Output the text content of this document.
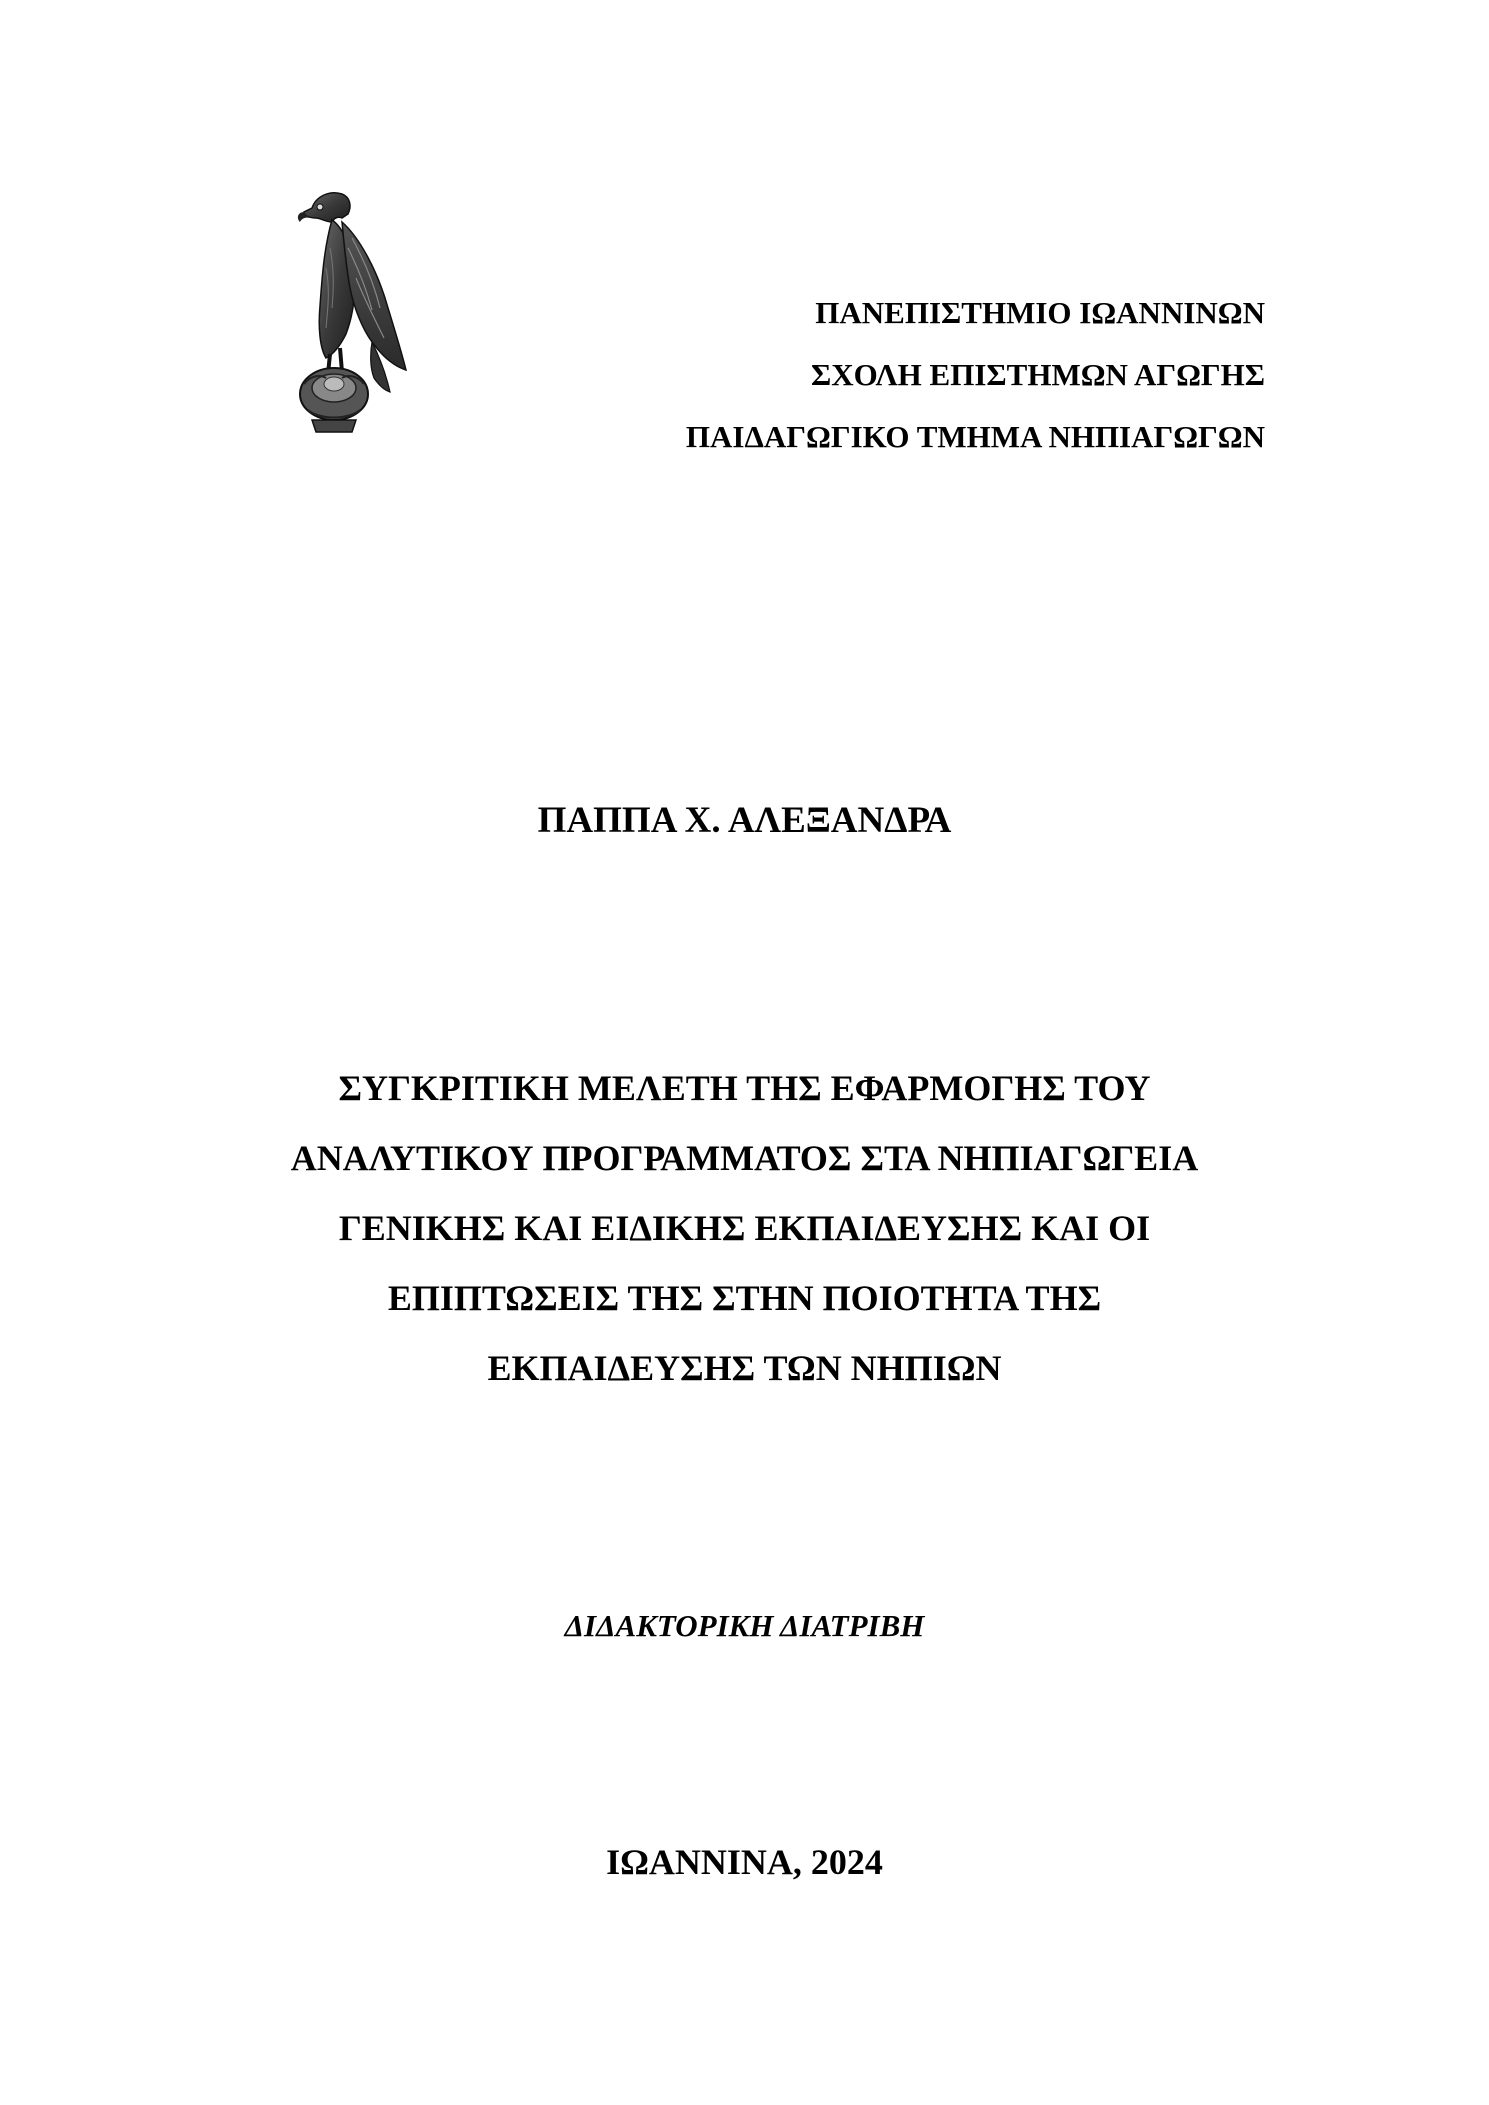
ΠΑΝΕΠΙΣΤΗΜΙΟ ΙΩΑΝΝΙΝΩΝ
ΣΧΟΛΗ ΕΠΙΣΤΗΜΩΝ ΑΓΩΓΗΣ
ΠΑΙΔΑΓΩΓΙΚΟ ΤΜΗΜΑ ΝΗΠΙΑΓΩΓΩΝ
ΠΑΠΠΑ Χ. ΑΛΕΞΑΝΔΡΑ
ΣΥΓΚΡΙΤΙΚΗ ΜΕΛΕΤΗ ΤΗΣ ΕΦΑΡΜΟΓΗΣ ΤΟΥ
ΑΝΑΛΥΤΙΚΟΥ ΠΡΟΓΡΑΜΜΑΤΟΣ ΣΤΑ ΝΗΠΙΑΓΩΓΕΙΑ
ΓΕΝΙΚΗΣ ΚΑΙ ΕΙΔΙΚΗΣ ΕΚΠΑΙΔΕΥΣΗΣ ΚΑΙ ΟΙ
ΕΠΙΠΤΩΣΕΙΣ ΤΗΣ ΣΤΗΝ ΠΟΙΟΤΗΤΑ ΤΗΣ
ΕΚΠΑΙΔΕΥΣΗΣ ΤΩΝ ΝΗΠΙΩΝ
ΔΙΔΑΚΤΟΡΙΚΗ ΔΙΑΤΡΙΒΗ
ΙΩΑΝΝΙΝΑ, 2024
